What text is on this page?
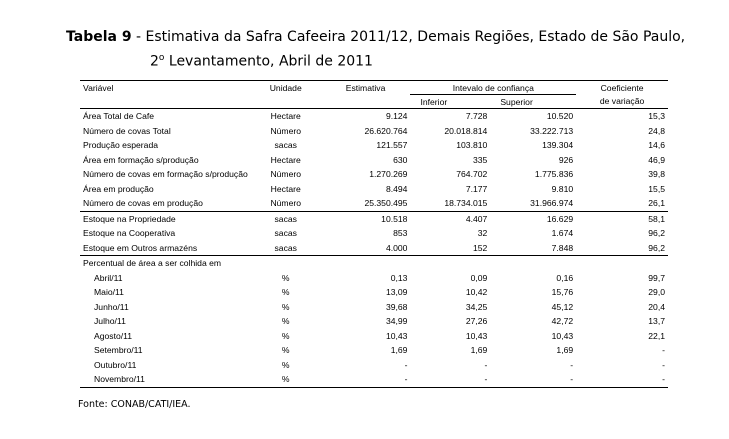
Tabela 9 - Estimativa da Safra Cafeeira 2011/12, Demais Regiões, Estado de São Paulo,
2$^o$ Levantamento, Abril de 2011
Variável	Unidade	Estimativa	Intevalo de confiança		Coeficiente
			Inferior	Superior	de variação
Área Total de Cafe	Hectare	9.124	7.728	10.520	15,3
Número de covas Total	Número	26.620.764	20.018.814	33.222.713	24,8
Produção esperada	sacas	121.557	103.810	139.304	14,6
Área em formação s/produção	Hectare	630	335	926	46,9
Número de covas em formação s/produção	Número	1.270.269	764.702	1.775.836	39,8
Área em produção	Hectare	8.494	7.177	9.810	15,5
Número de covas em produção	Número	25.350.495	18.734.015	31.966.974	26,1
Estoque na Propriedade	sacas	10.518	4.407	16.629	58,1
Estoque na Cooperativa	sacas	853	32	1.674	96,2
Estoque em Outros armazéns	sacas	4.000	152	7.848	96,2
Percentual de área a ser colhida em					
Abril/11	%	0,13	0,09	0,16	99,7
Maio/11	%	13,09	10,42	15,76	29,0
Junho/11	%	39,68	34,25	45,12	20,4
Julho/11	%	34,99	27,26	42,72	13,7
Agosto/11	%	10,43	10,43	10,43	22,1
Setembro/11	%	1,69	1,69	1,69	-
Outubro/11	%	-	-	-	-
Novembro/11	%	-	-	-	-
Fonte: CONAB/CATI/IEA.
